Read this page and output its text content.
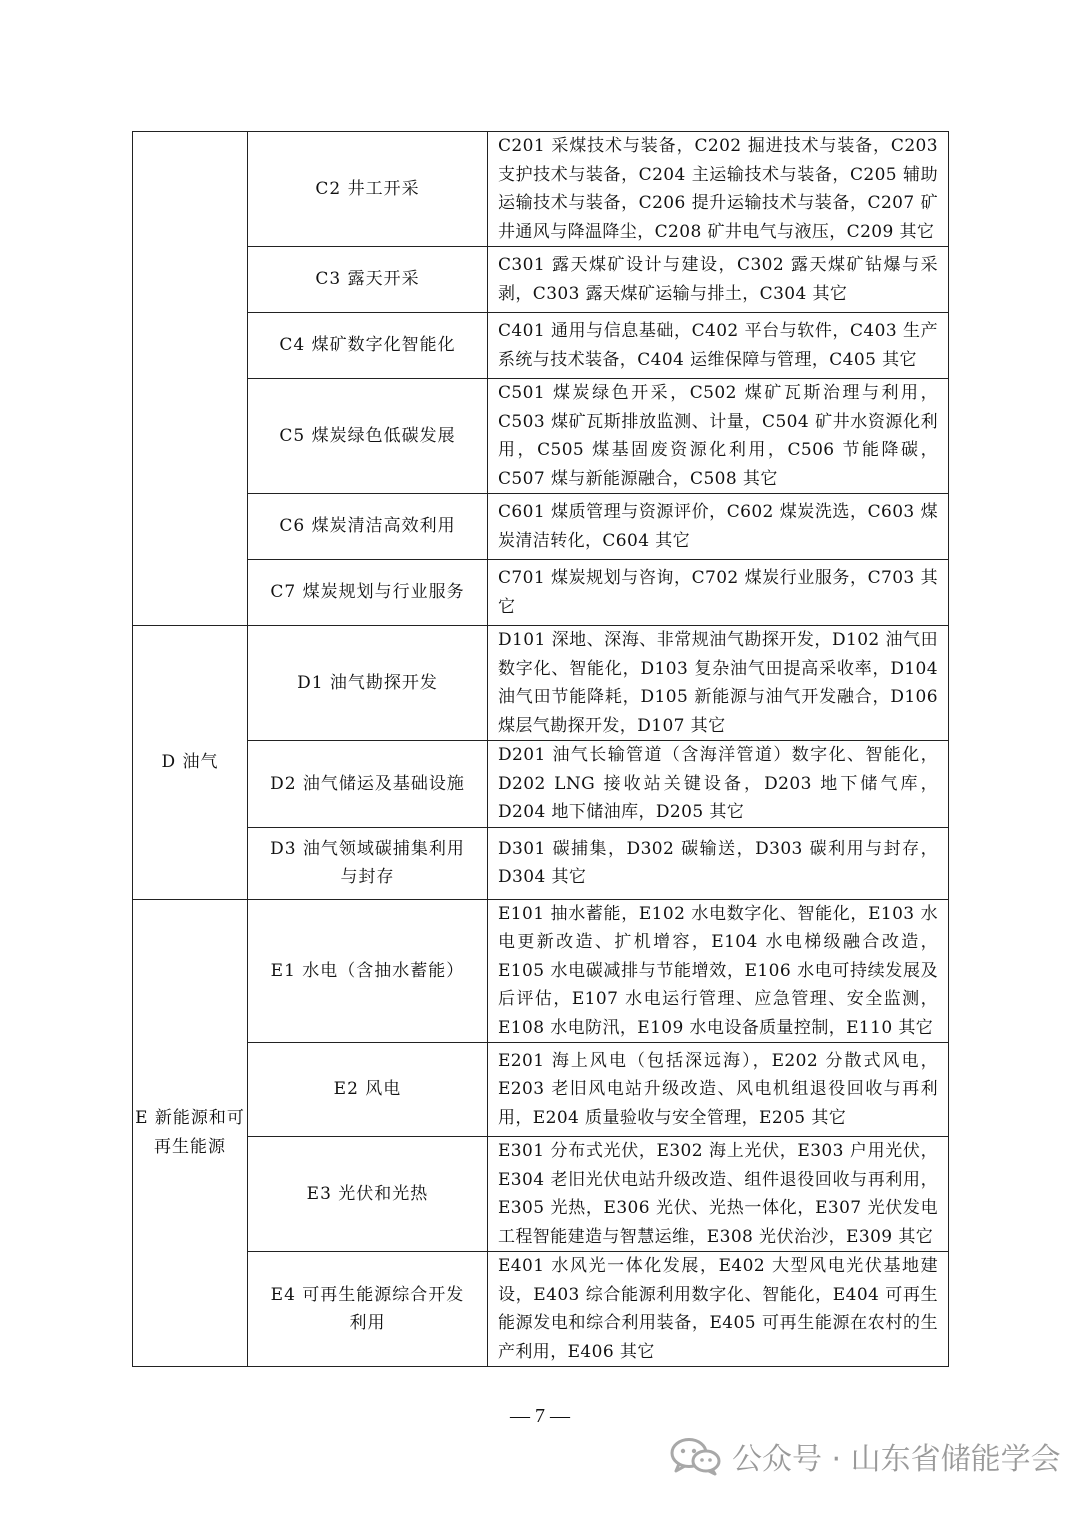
	C2 井工开采	C201 采煤技术与装备，C202 掘进技术与装备，C203 支护技术与装备，C204 主运输技术与装备，C205 辅助运输技术与装备，C206 提升运输技术与装备，C207 矿井通风与降温降尘，C208 矿井电气与液压，C209 其它
	C3 露天开采	C301 露天煤矿设计与建设，C302 露天煤矿钻爆与采剥，C303 露天煤矿运输与排土，C304 其它
	C4 煤矿数字化智能化	C401 通用与信息基础，C402 平台与软件，C403 生产系统与技术装备，C404 运维保障与管理，C405 其它
	C5 煤炭绿色低碳发展	C501 煤炭绿色开采，C502 煤矿瓦斯治理与利用，C503 煤矿瓦斯排放监测、计量，C504 矿井水资源化利用，C505 煤基固废资源化利用，C506 节能降碳，C507 煤与新能源融合，C508 其它
	C6 煤炭清洁高效利用	C601 煤质管理与资源评价，C602 煤炭洗选，C603 煤炭清洁转化，C604 其它
	C7 煤炭规划与行业服务	C701 煤炭规划与咨询，C702 煤炭行业服务，C703 其它
D 油气	D1 油气勘探开发	D101 深地、深海、非常规油气勘探开发，D102 油气田数字化、智能化，D103 复杂油气田提高采收率，D104 油气田节能降耗，D105 新能源与油气开发融合，D106 煤层气勘探开发，D107 其它
	D2 油气储运及基础设施	D201 油气长输管道（含海洋管道）数字化、智能化，D202 LNG 接收站关键设备，D203 地下储气库，D204 地下储油库，D205 其它
	D3 油气领域碳捕集利用与封存	D301 碳捕集，D302 碳输送，D303 碳利用与封存，D304 其它
E 新能源和可再生能源	E1 水电（含抽水蓄能）	E101 抽水蓄能，E102 水电数字化、智能化，E103 水电更新改造、扩机增容，E104 水电梯级融合改造，E105 水电碳减排与节能增效，E106 水电可持续发展及后评估，E107 水电运行管理、应急管理、安全监测，E108 水电防汛，E109 水电设备质量控制，E110 其它
	E2 风电	E201 海上风电（包括深远海），E202 分散式风电，E203 老旧风电站升级改造、风电机组退役回收与再利用，E204 质量验收与安全管理，E205 其它
	E3 光伏和光热	E301 分布式光伏，E302 海上光伏，E303 户用光伏，E304 老旧光伏电站升级改造、组件退役回收与再利用，E305 光热，E306 光伏、光热一体化，E307 光伏发电工程智能建造与智慧运维，E308 光伏治沙，E309 其它
	E4 可再生能源综合开发利用	E401 水风光一体化发展，E402 大型风电光伏基地建设，E403 综合能源利用数字化、智能化，E404 可再生能源发电和综合利用装备，E405 可再生能源在农村的生产利用，E406 其它
— 7 —
公众号 · 山东省储能学会
